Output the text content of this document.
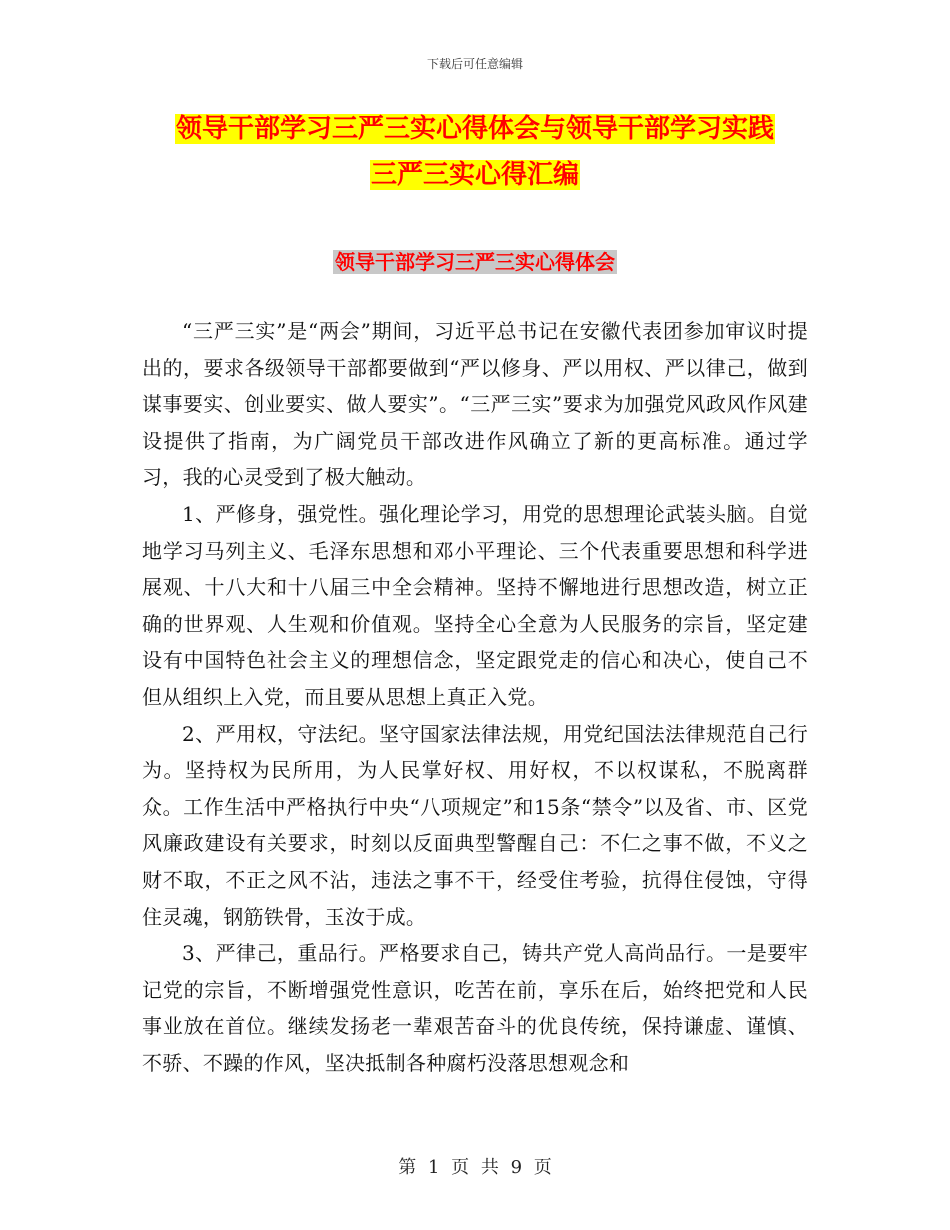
下载后可任意编辑
领导干部学习三严三实心得体会与领导干部学习实践
三严三实心得汇编
领导干部学习三严三实心得体会

“三严三实”是“两会”期间，习近平总书记在安徽代表团参加审议时提出的，要求各级领导干部都要做到“严以修身、严以用权、严以律己，做到谋事要实、创业要实、做人要实”。“三严三实”要求为加强党风政风作风建设提供了指南，为广阔党员干部改进作风确立了新的更高标准。通过学习，我的心灵受到了极大触动。

1、严修身，强党性。强化理论学习，用党的思想理论武装头脑。自觉地学习马列主义、毛泽东思想和邓小平理论、三个代表重要思想和科学进展观、十八大和十八届三中全会精神。坚持不懈地进行思想改造，树立正确的世界观、人生观和价值观。坚持全心全意为人民服务的宗旨，坚定建设有中国特色社会主义的理想信念，坚定跟党走的信心和决心，使自己不但从组织上入党，而且要从思想上真正入党。

2、严用权，守法纪。坚守国家法律法规，用党纪国法法律规范自己行为。坚持权为民所用，为人民掌好权、用好权，不以权谋私，不脱离群众。工作生活中严格执行中央“八项规定”和15条“禁令”以及省、市、区党风廉政建设有关要求，时刻以反面典型警醒自己：不仁之事不做，不义之财不取，不正之风不沾，违法之事不干，经受住考验，抗得住侵蚀，守得住灵魂，钢筋铁骨，玉汝于成。

3、严律己，重品行。严格要求自己，铸共产党人高尚品行。一是要牢记党的宗旨，不断增强党性意识，吃苦在前，享乐在后，始终把党和人民事业放在首位。继续发扬老一辈艰苦奋斗的优良传统，保持谦虚、谨慎、不骄、不躁的作风，坚决抵制各种腐朽没落思想观念和

第 1 页 共 9 页
